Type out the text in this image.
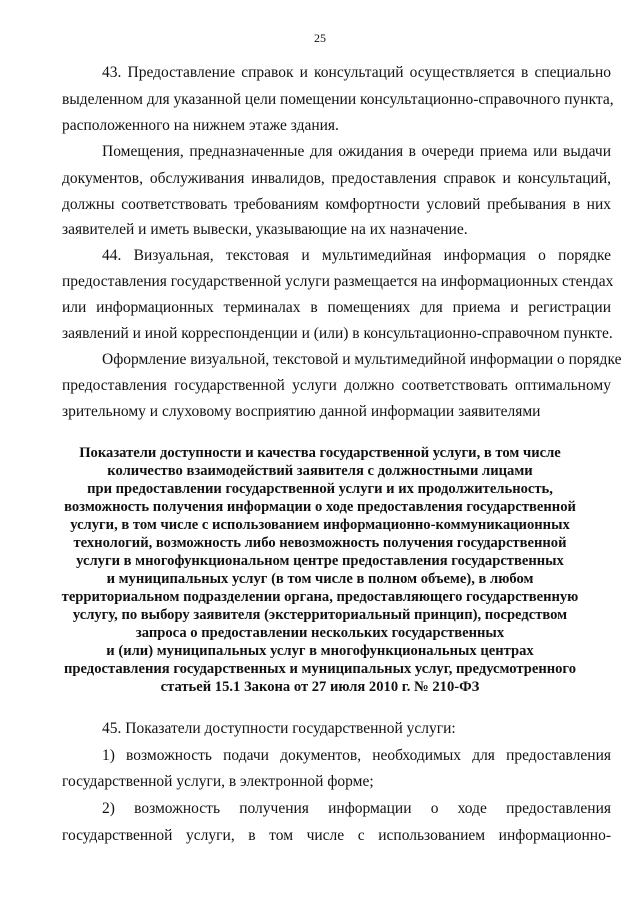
25
43. Предоставление справок и консультаций осуществляется в специально
выделенном для указанной цели помещении консультационно-справочного пункта,
расположенного на нижнем этаже здания.
Помещения, предназначенные для ожидания в очереди приема или выдачи
документов, обслуживания инвалидов, предоставления справок и консультаций,
должны соответствовать требованиям комфортности условий пребывания в них
заявителей и иметь вывески, указывающие на их назначение.
44. Визуальная, текстовая и мультимедийная информация о порядке
предоставления государственной услуги размещается на информационных стендах
или информационных терминалах в помещениях для приема и регистрации
заявлений и иной корреспонденции и (или) в консультационно-справочном пункте.
Оформление визуальной, текстовой и мультимедийной информации о порядке
предоставления государственной услуги должно соответствовать оптимальному
зрительному и слуховому восприятию данной информации заявителями
Показатели доступности и качества государственной услуги, в том числе
количество взаимодействий заявителя с должностными лицами
при предоставлении государственной услуги и их продолжительность,
возможность получения информации о ходе предоставления государственной
услуги, в том числе с использованием информационно-коммуникационных
технологий, возможность либо невозможность получения государственной
услуги в многофункциональном центре предоставления государственных
и муниципальных услуг (в том числе в полном объеме), в любом
территориальном подразделении органа, предоставляющего государственную
услугу, по выбору заявителя (экстерриториальный принцип), посредством
запроса о предоставлении нескольких государственных
и (или) муниципальных услуг в многофункциональных центрах
предоставления государственных и муниципальных услуг, предусмотренного
статьей 15.1 Закона от 27 июля 2010 г. № 210-ФЗ
45. Показатели доступности государственной услуги:
1) возможность подачи документов, необходимых для предоставления
государственной услуги, в электронной форме;
2) возможность получения информации о ходе предоставления
государственной услуги, в том числе с использованием информационно-
